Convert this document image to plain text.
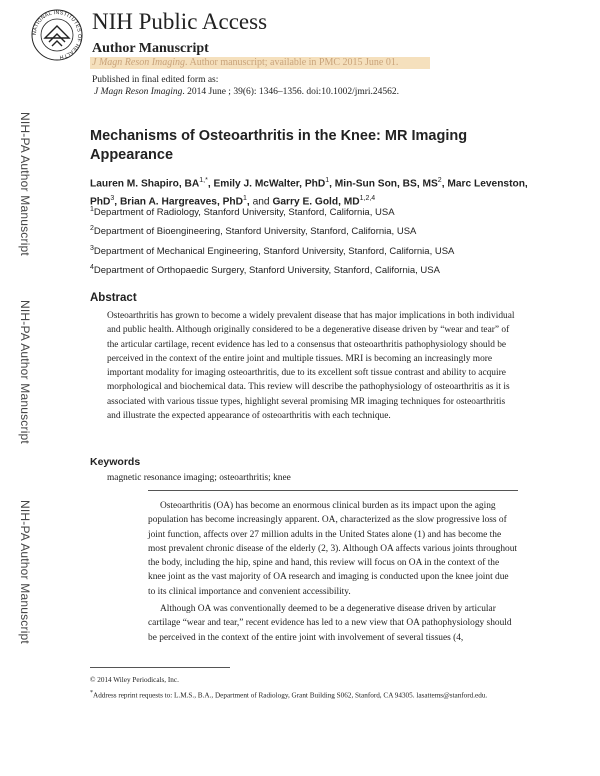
NATIONAL INSTITUTES OF HEALTH
NIH Public Access
Author Manuscript
J Magn Reson Imaging. Author manuscript; available in PMC 2015 June 01.
Published in final edited form as:
J Magn Reson Imaging. 2014 June ; 39(6): 1346–1356. doi:10.1002/jmri.24562.
NIH-PA Author Manuscript
NIH-PA Author Manuscript
NIH-PA Author Manuscript
Mechanisms of Osteoarthritis in the Knee: MR Imaging Appearance
Lauren M. Shapiro, $BA^{1,*}$, Emily J. McWalter, PhD$^1$, Min-Sun Son, BS, $MS^2$, Marc Levenston, PhD$^3$, Brian A. Hargreaves, PhD$^1$, and Garry E. Gold, MD$^{1,2,4}$
$^1$Department of Radiology, Stanford University, Stanford, California, USA
$^2$Department of Bioengineering, Stanford University, Stanford, California, USA
$^3$Department of Mechanical Engineering, Stanford University, Stanford, California, USA
$^4$Department of Orthopaedic Surgery, Stanford University, Stanford, California, USA
Abstract

Osteoarthritis has grown to become a widely prevalent disease that has major implications in both individual and public health. Although originally considered to be a degenerative disease driven by “wear and tear” of the articular cartilage, recent evidence has led to a consensus that osteoarthritis pathophysiology should be perceived in the context of the entire joint and multiple tissues. MRI is becoming an increasingly more important modality for imaging osteoarthritis, due to its excellent soft tissue contrast and ability to acquire morphological and biochemical data. This review will describe the pathophysiology of osteoarthritis as it is associated with various tissue types, highlight several promising MR imaging techniques for osteoarthritis and illustrate the expected appearance of osteoarthritis with each technique.

Keywords
magnetic resonance imaging; osteoarthritis; knee

Osteoarthritis (OA) has become an enormous clinical burden as its impact upon the aging population has become increasingly apparent. OA, characterized as the slow progressive loss of joint function, affects over 27 million adults in the United States alone (1) and has become the most prevalent chronic disease of the elderly (2, 3). Although OA affects various joints throughout the body, including the hip, spine and hand, this review will focus on OA in the context of the knee joint as the vast majority of OA research and imaging is conducted upon the knee joint due to its clinical importance and convenient accessibility.

Although OA was conventionally deemed to be a degenerative disease driven by articular cartilage “wear and tear,” recent evidence has led to a new view that OA pathophysiology should be perceived in the context of the entire joint with involvement of several tissues (4,

© 2014 Wiley Periodicals, Inc.
*Address reprint requests to: L.M.S., B.A., Department of Radiology, Grant Building S062, Stanford, CA 94305. lasattems@stanford.edu.
